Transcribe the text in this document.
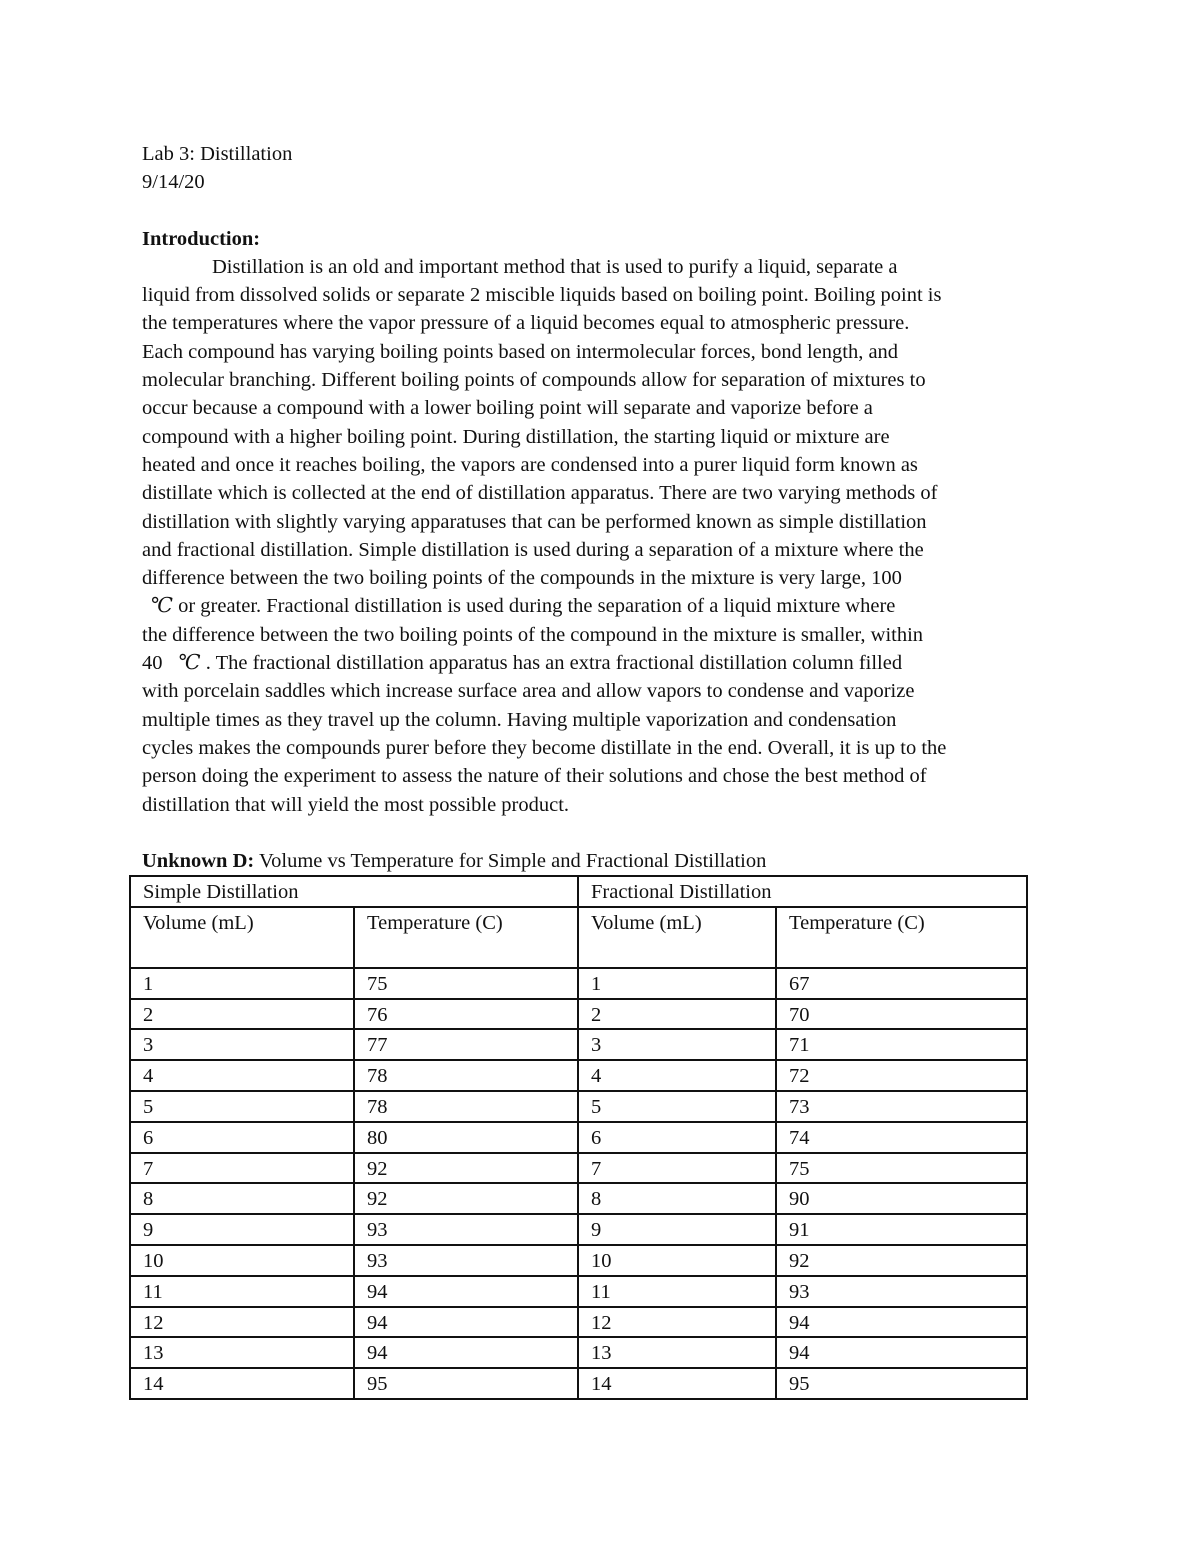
Lab 3: Distillation
9/14/20
Introduction:
Distillation is an old and important method that is used to purify a liquid, separate a
liquid from dissolved solids or separate 2 miscible liquids based on boiling point. Boiling point is
the temperatures where the vapor pressure of a liquid becomes equal to atmospheric pressure.
Each compound has varying boiling points based on intermolecular forces, bond length, and
molecular branching. Different boiling points of compounds allow for separation of mixtures to
occur because a compound with a lower boiling point will separate and vaporize before a
compound with a higher boiling point. During distillation, the starting liquid or mixture are
heated and once it reaches boiling, the vapors are condensed into a purer liquid form known as
distillate which is collected at the end of distillation apparatus. There are two varying methods of
distillation with slightly varying apparatuses that can be performed known as simple distillation
and fractional distillation. Simple distillation is used during a separation of a mixture where the
difference between the two boiling points of the compounds in the mixture is very large, 100
℃ or greater. Fractional distillation is used during the separation of a liquid mixture where
the difference between the two boiling points of the compound in the mixture is smaller, within
40 ℃ . The fractional distillation apparatus has an extra fractional distillation column filled
with porcelain saddles which increase surface area and allow vapors to condense and vaporize
multiple times as they travel up the column. Having multiple vaporization and condensation
cycles makes the compounds purer before they become distillate in the end. Overall, it is up to the
person doing the experiment to assess the nature of their solutions and chose the best method of
distillation that will yield the most possible product.
Unknown D: Volume vs Temperature for Simple and Fractional Distillation
Simple Distillation		Fractional Distillation	
Volume (mL)	Temperature (C)	Volume (mL)	Temperature (C)
1	75	1	67
2	76	2	70
3	77	3	71
4	78	4	72
5	78	5	73
6	80	6	74
7	92	7	75
8	92	8	90
9	93	9	91
10	93	10	92
11	94	11	93
12	94	12	94
13	94	13	94
14	95	14	95
